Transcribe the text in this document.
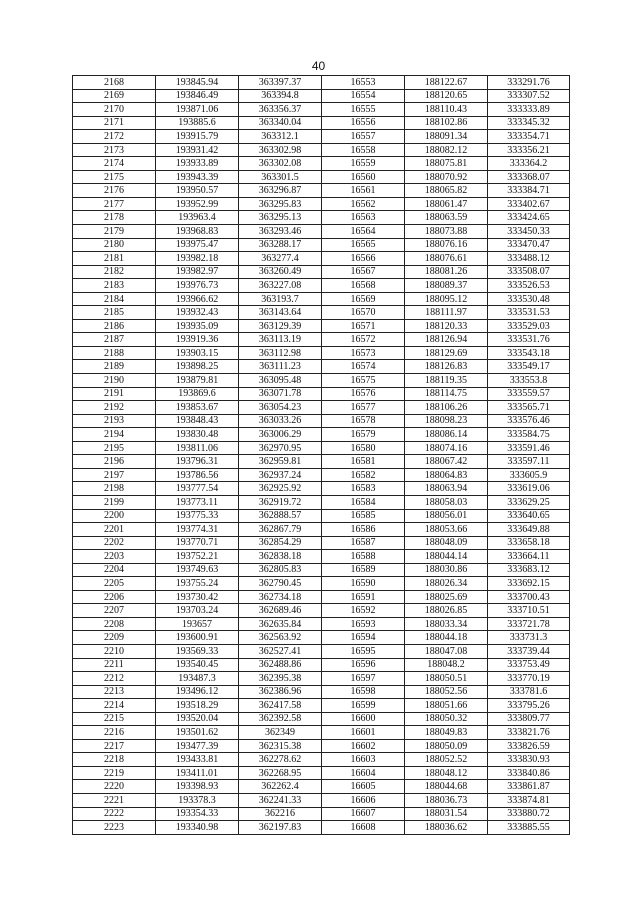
40
2168	193845.94	363397.37	16553	188122.67	333291.76
2169	193846.49	363394.8	16554	188120.65	333307.52
2170	193871.06	363356.37	16555	188110.43	333333.89
2171	193885.6	363340.04	16556	188102.86	333345.32
2172	193915.79	363312.1	16557	188091.34	333354.71
2173	193931.42	363302.98	16558	188082.12	333356.21
2174	193933.89	363302.08	16559	188075.81	333364.2
2175	193943.39	363301.5	16560	188070.92	333368.07
2176	193950.57	363296.87	16561	188065.82	333384.71
2177	193952.99	363295.83	16562	188061.47	333402.67
2178	193963.4	363295.13	16563	188063.59	333424.65
2179	193968.83	363293.46	16564	188073.88	333450.33
2180	193975.47	363288.17	16565	188076.16	333470.47
2181	193982.18	363277.4	16566	188076.61	333488.12
2182	193982.97	363260.49	16567	188081.26	333508.07
2183	193976.73	363227.08	16568	188089.37	333526.53
2184	193966.62	363193.7	16569	188095.12	333530.48
2185	193932.43	363143.64	16570	188111.97	333531.53
2186	193935.09	363129.39	16571	188120.33	333529.03
2187	193919.36	363113.19	16572	188126.94	333531.76
2188	193903.15	363112.98	16573	188129.69	333543.18
2189	193898.25	363111.23	16574	188126.83	333549.17
2190	193879.81	363095.48	16575	188119.35	333553.8
2191	193869.6	363071.78	16576	188114.75	333559.57
2192	193853.67	363054.23	16577	188106.26	333565.71
2193	193848.43	363033.26	16578	188098.23	333576.46
2194	193830.48	363006.29	16579	188086.14	333584.75
2195	193811.06	362970.95	16580	188074.16	333591.46
2196	193796.31	362959.81	16581	188067.42	333597.11
2197	193786.56	362937.24	16582	188064.83	333605.9
2198	193777.54	362925.92	16583	188063.94	333619.06
2199	193773.11	362919.72	16584	188058.03	333629.25
2200	193775.33	362888.57	16585	188056.01	333640.65
2201	193774.31	362867.79	16586	188053.66	333649.88
2202	193770.71	362854.29	16587	188048.09	333658.18
2203	193752.21	362838.18	16588	188044.14	333664.11
2204	193749.63	362805.83	16589	188030.86	333683.12
2205	193755.24	362790.45	16590	188026.34	333692.15
2206	193730.42	362734.18	16591	188025.69	333700.43
2207	193703.24	362689.46	16592	188026.85	333710.51
2208	193657	362635.84	16593	188033.34	333721.78
2209	193600.91	362563.92	16594	188044.18	333731.3
2210	193569.33	362527.41	16595	188047.08	333739.44
2211	193540.45	362488.86	16596	188048.2	333753.49
2212	193487.3	362395.38	16597	188050.51	333770.19
2213	193496.12	362386.96	16598	188052.56	333781.6
2214	193518.29	362417.58	16599	188051.66	333795.26
2215	193520.04	362392.58	16600	188050.32	333809.77
2216	193501.62	362349	16601	188049.83	333821.76
2217	193477.39	362315.38	16602	188050.09	333826.59
2218	193433.81	362278.62	16603	188052.52	333830.93
2219	193411.01	362268.95	16604	188048.12	333840.86
2220	193398.93	362262.4	16605	188044.68	333861.87
2221	193378.3	362241.33	16606	188036.73	333874.81
2222	193354.33	362216	16607	188031.54	333880.72
2223	193340.98	362197.83	16608	188036.62	333885.55
